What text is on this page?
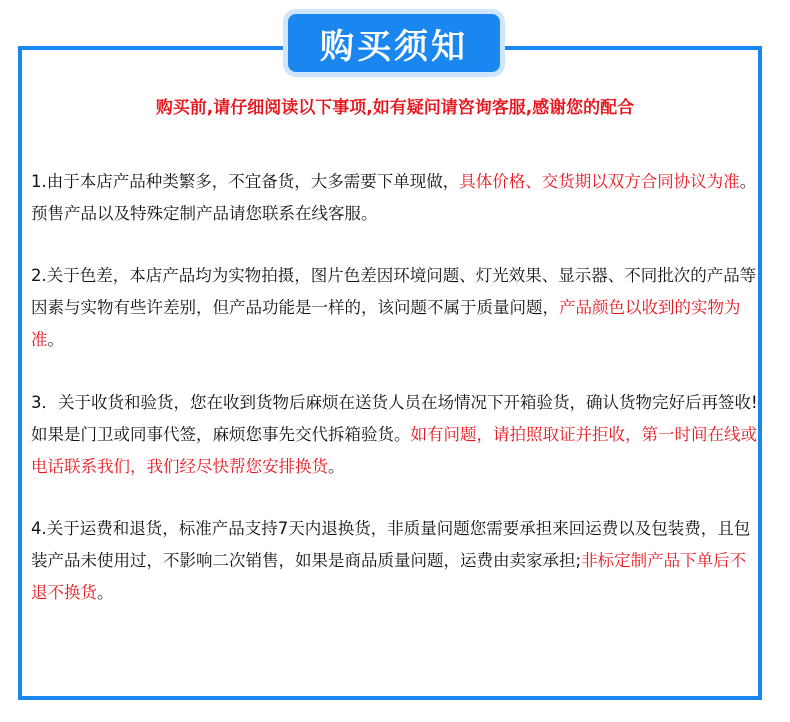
购买须知
购买前,请仔细阅读以下事项,如有疑问请咨询客服,感谢您的配合
1.由于本店产品种类繁多，不宜备货，大多需要下单现做，具体价格、交货期以双方合同协议为准。预售产品以及特殊定制产品请您联系在线客服。
2.关于色差，本店产品均为实物拍摄，图片色差因环境问题、灯光效果、显示器、不同批次的产品等因素与实物有些许差别，但产品功能是一样的，该问题不属于质量问题，产品颜色以收到的实物为准。
3．关于收货和验货，您在收到货物后麻烦在送货人员在场情况下开箱验货，确认货物完好后再签收!如果是门卫或同事代签，麻烦您事先交代拆箱验货。如有问题，请拍照取证并拒收，第一时间在线或电话联系我们，我们经尽快帮您安排换货。
4.关于运费和退货，标准产品支持7天内退换货，非质量问题您需要承担来回运费以及包装费，且包装产品未使用过，不影响二次销售，如果是商品质量问题，运费由卖家承担;非标定制产品下单后不退不换货。
